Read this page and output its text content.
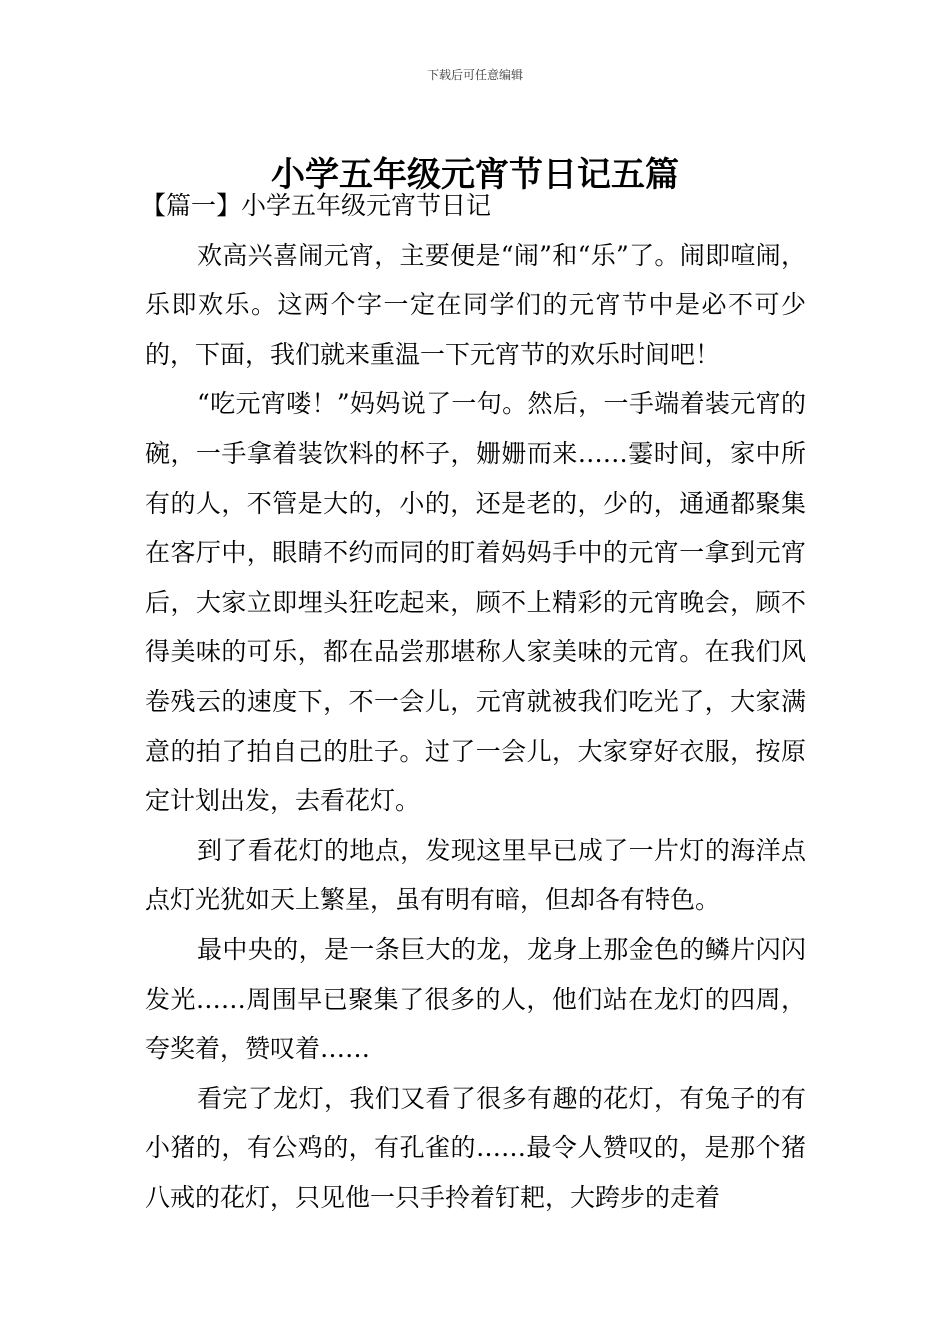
下载后可任意编辑
小学五年级元宵节日记五篇

【篇一】小学五年级元宵节日记

欢高兴喜闹元宵，主要便是“闹”和“乐”了。闹即喧闹，乐即欢乐。这两个字一定在同学们的元宵节中是必不可少的，下面，我们就来重温一下元宵节的欢乐时间吧！

“吃元宵喽！”妈妈说了一句。然后，一手端着装元宵的碗，一手拿着装饮料的杯子，姗姗而来……霎时间，家中所有的人，不管是大的，小的，还是老的，少的，通通都聚集在客厅中，眼睛不约而同的盯着妈妈手中的元宵一拿到元宵后，大家立即埋头狂吃起来，顾不上精彩的元宵晚会，顾不得美味的可乐，都在品尝那堪称人家美味的元宵。在我们风卷残云的速度下，不一会儿，元宵就被我们吃光了，大家满意的拍了拍自己的肚子。过了一会儿，大家穿好衣服，按原定计划出发，去看花灯。

到了看花灯的地点，发现这里早已成了一片灯的海洋点点灯光犹如天上繁星，虽有明有暗，但却各有特色。

最中央的，是一条巨大的龙，龙身上那金色的鳞片闪闪发光……周围早已聚集了很多的人，他们站在龙灯的四周，夸奖着，赞叹着……

看完了龙灯，我们又看了很多有趣的花灯，有兔子的有小猪的，有公鸡的，有孔雀的……最令人赞叹的，是那个猪八戒的花灯，只见他一只手拎着钉耙，大跨步的走着
